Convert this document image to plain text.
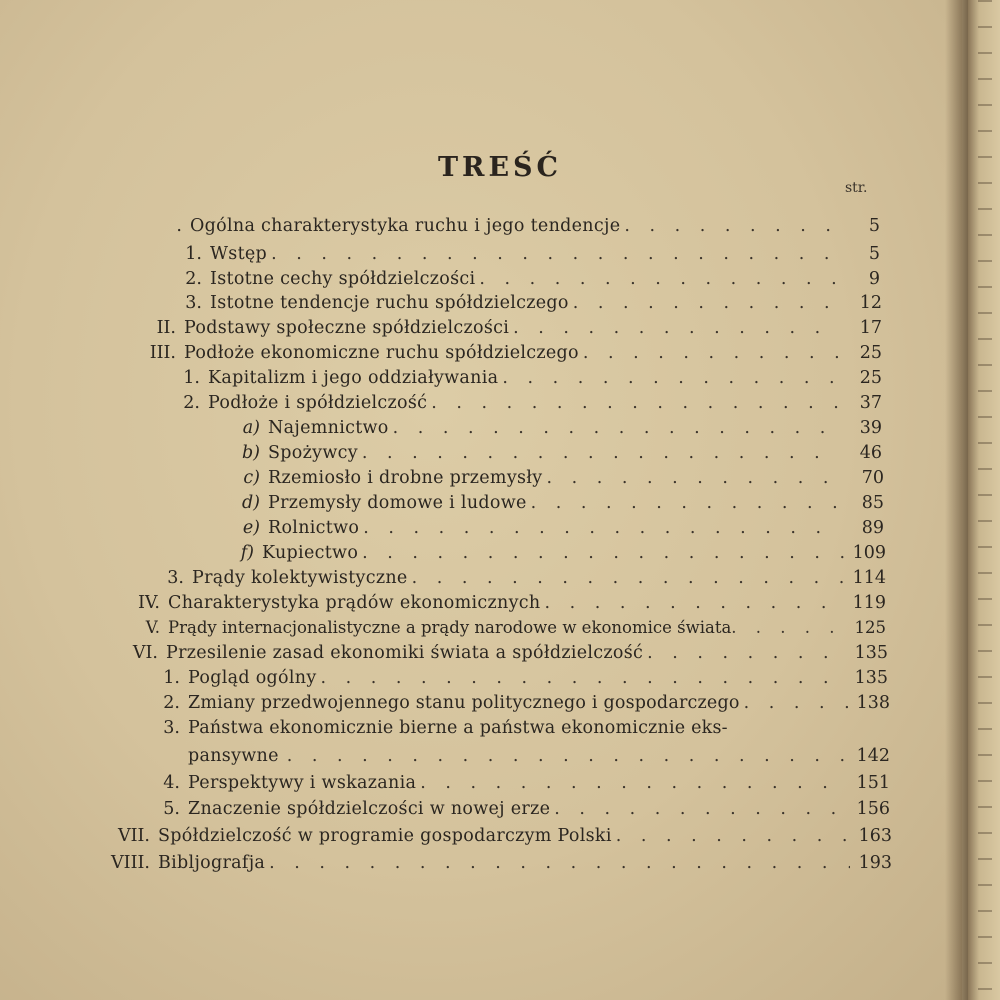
TREŚĆ
str.
. Ogólna charakterystyka ruchu i jego tendencje . . .	5
1. Wstęp . . .	5
2. Istotne cechy spółdzielczości . . .	9
3. Istotne tendencje ruchu spółdzielczego . . .	12
II. Podstawy społeczne spółdzielczości . . .	17
III. Podłoże ekonomiczne ruchu spółdzielczego . . .	25
1. Kapitalizm i jego oddziaływania . . .	25
2. Podłoże i spółdzielczość . . .	37
a) Najemnictwo . . .	39
b) Spożywcy . . .	46
c) Rzemiosło i drobne przemysły . . .	70
d) Przemysły domowe i ludowe . . .	85
e) Rolnictwo . . .	89
f) Kupiectwo . . .	109
3. Prądy kolektywistyczne . . .	114
IV. Charakterystyka prądów ekonomicznych . . .	119
V. Prądy internacjonalistyczne a prądy narodowe w ekonomice świata . . .	125
VI. Przesilenie zasad ekonomiki świata a spółdzielczość . . .	135
1. Pogląd ogólny . . .	135
2. Zmiany przedwojennego stanu politycznego i gospodarczego . . .	138
3. Państwa ekonomicznie bierne a państwa ekonomicznie eks-
pansywne . . .	142
4. Perspektywy i wskazania . . .	151
5. Znaczenie spółdzielczości w nowej erze . . .	156
VII. Spółdzielczość w programie gospodarczym Polski . . .	163
VIII. Bibljografja . . .	193
